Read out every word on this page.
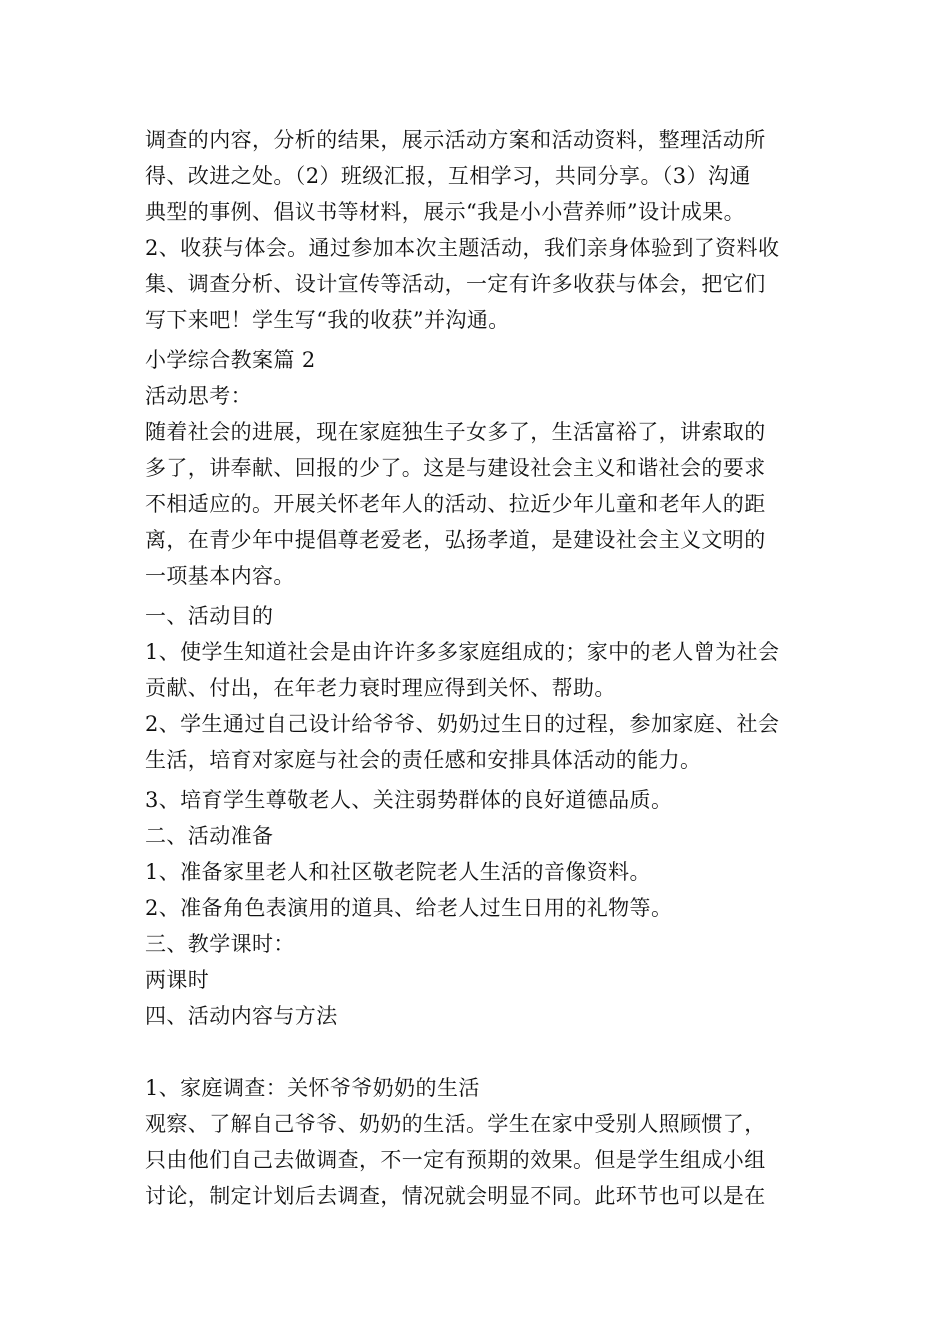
调查的内容，分析的结果，展示活动方案和活动资料，整理活动所
得、改进之处。（2）班级汇报，互相学习，共同分享。（3）沟通
典型的事例、倡议书等材料，展示“我是小小营养师”设计成果。
2、收获与体会。通过参加本次主题活动，我们亲身体验到了资料收
集、调查分析、设计宣传等活动，一定有许多收获与体会，把它们
写下来吧！学生写“我的收获”并沟通。
小学综合教案篇 2
活动思考：
随着社会的进展，现在家庭独生子女多了，生活富裕了，讲索取的
多了，讲奉献、回报的少了。这是与建设社会主义和谐社会的要求
不相适应的。开展关怀老年人的活动、拉近少年儿童和老年人的距
离，在青少年中提倡尊老爱老，弘扬孝道，是建设社会主义文明的
一项基本内容。
一、活动目的
1、使学生知道社会是由许许多多家庭组成的；家中的老人曾为社会
贡献、付出，在年老力衰时理应得到关怀、帮助。
2、学生通过自己设计给爷爷、奶奶过生日的过程，参加家庭、社会
生活，培育对家庭与社会的责任感和安排具体活动的能力。
3、培育学生尊敬老人、关注弱势群体的良好道德品质。
二、活动准备
1、准备家里老人和社区敬老院老人生活的音像资料。
2、准备角色表演用的道具、给老人过生日用的礼物等。
三、教学课时：
两课时
四、活动内容与方法
1、家庭调查：关怀爷爷奶奶的生活
观察、了解自己爷爷、奶奶的生活。学生在家中受别人照顾惯了，
只由他们自己去做调查，不一定有预期的效果。但是学生组成小组
讨论，制定计划后去调查，情况就会明显不同。此环节也可以是在
